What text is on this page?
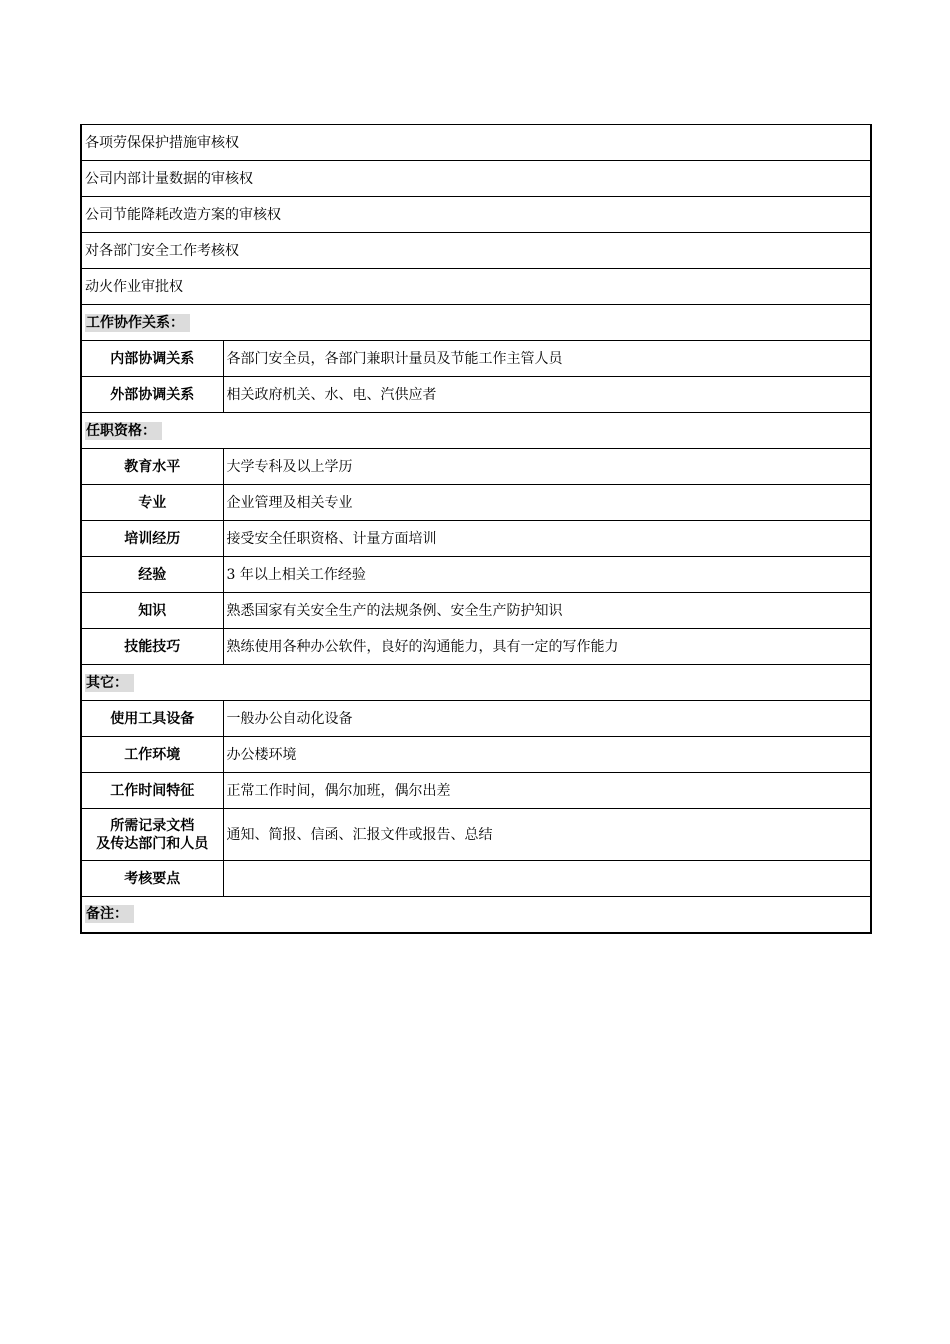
各项劳保保护措施审核权	
公司内部计量数据的审核权	
公司节能降耗改造方案的审核权	
对各部门安全工作考核权	
动火作业审批权	
工作协作关系：	
内部协调关系	各部门安全员，各部门兼职计量员及节能工作主管人员
外部协调关系	相关政府机关、水、电、汽供应者
任职资格：	
教育水平	大学专科及以上学历
专业	企业管理及相关专业
培训经历	接受安全任职资格、计量方面培训
经验	3 年以上相关工作经验
知识	熟悉国家有关安全生产的法规条例、安全生产防护知识
技能技巧	熟练使用各种办公软件，良好的沟通能力，具有一定的写作能力
其它：	
使用工具设备	一般办公自动化设备
工作环境	办公楼环境
工作时间特征	正常工作时间，偶尔加班，偶尔出差

所需记录文档
及传达部门和人员	通知、简报、信函、汇报文件或报告、总结
考核要点	
备注：	
